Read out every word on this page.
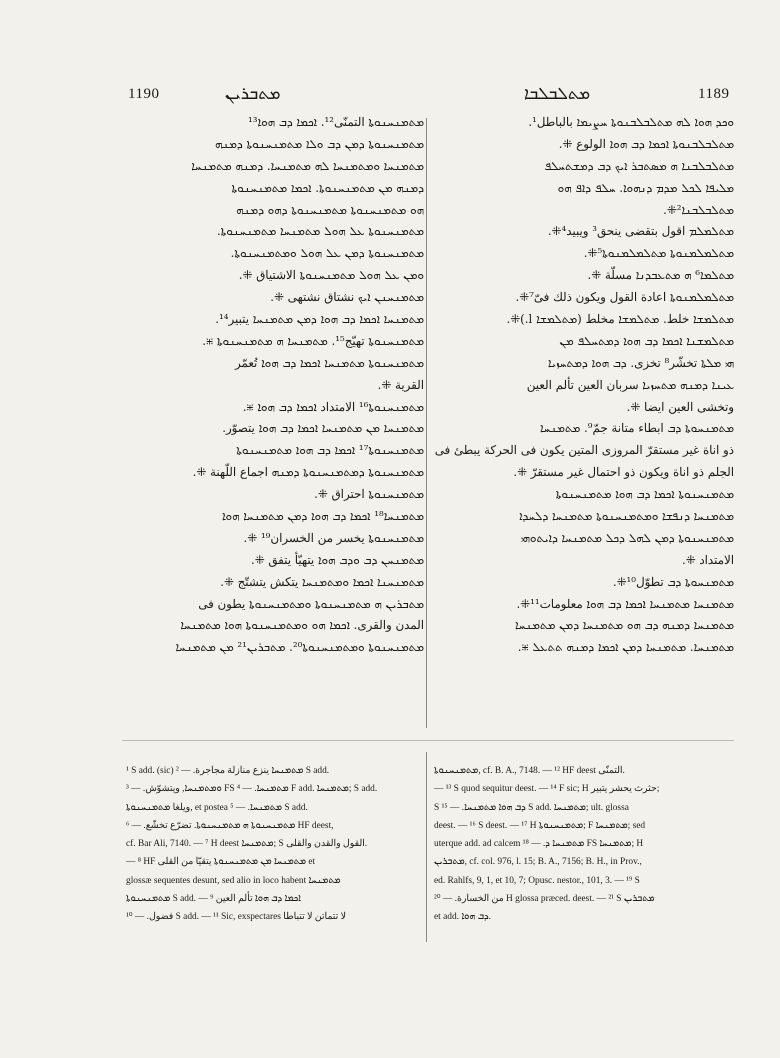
1190	ܡܬܒܪܝܢ	ܡܬܠܒܠܒܐ	1189
ܡܬܡܢܚܢܘܬܐ التمنّى¹². ܐܟܡܐ ܕܒ ܗܘܐ¹³
ܡܬܡܢܚܢܘܬܐ ܕܡܢ ܕܒ ܘܠܐ ܡܬܡܢܚܢܘܬܐ ܕܡܢܗ
ܡܬܡܢܚܐ ܘܡܬܡܢܚܐ ܠܗ ܡܬܡܢܚܐ. ܕܡܢܗ ܡܬܡܢܚܐ
ܕܡܢܗ ܡܢ ܡܬܡܢܚܢܘܬܐ. ܐܟܡܐ ܡܬܡܢܚܢܘܬܐ
ܗܘ ܡܬܡܢܚܢܘܬܐ ܡܬܡܢܚܢܘܬܐ ܕܗܘ ܕܡܢܗ
ܡܬܡܢܚܢܘܬܐ ܥܠ ܗܘܠ ܡܬܡܢܚܐ ܡܬܡܢܚܢܘܬܐ.
ܡܬܡܢܚܢܘܬܐ ܕܡܢ ܥܠ ܗܘܠ ܘܡܬܡܢܚܢܘܬܐ.
ܘܡܢ ܥܠ ܗܘܠ ܡܬܡܢܚܢܘܬܐ الاشتياق ⁜.
ܡܬܡܢܚܢܢ ܐܝܟ نشتاق نشتهى ⁜.
ܡܬܡܢܚܐ ܐܟܡܐ ܕܒ ܗܘܐ ܕܡܢ ܡܬܡܢܚܐ يتبير¹⁴.
ܡܬܡܢܚܢܘܬܐ تهيّج¹⁵. ܡܬܡܢܚܐ ܗ ܡܬܡܢܚܢܘܬܐ ⁜.
ܡܬܡܢܚܢܘܬܐ ܡܬܡܢܚܐ ܐܟܡܐ ܕܒ ܗܘܐ تُعمّر
القرية ⁜.
ܡܬܡܢܚܢܘܬܐ¹⁶ الامتداد ܐܟܡܐ ܕܒ ܗܘܐ ⁜.
ܡܬܡܢܚܐ ܡܢ ܡܬܡܢܚܐ ܐܟܡܐ ܕܒ ܗܘܐ يتصوّر.
ܡܬܡܢܚܢܘܬܐ¹⁷ ܐܟܡܐ ܕܒ ܗܘܐ ܡܬܡܢܚܢܘܬܐ
ܡܬܡܢܚܢܘܬܐ ܕܡܬܡܢܚܢܘܬܐ ܕܡܢܗ اجماع اللّهنة ⁜.
ܡܬܡܢܚܢܘܬܐ احتراق ⁜.
ܡܬܡܢܚܐ¹⁸ ܐܟܡܐ ܕܒ ܗܘܐ ܕܡܢ ܡܬܡܢܚܐ ܗܘܐ
ܡܬܡܢܚܢܘܬܐ يخسر من الخسران¹⁹ ⁜.
ܡܬܡܢܚܢ ܕܒ ܘܕܒ ܗܘܐ يتهيّأ يتفق ⁜.
ܡܬܡܢܚܢܐ ܐܟܡܐ ܘܡܬܡܢܚܐ يتكش يتشتّج ⁜.
ܡܬܒܪܝܢ ܗ ܡܬܡܢܚܢܘܬܐ ܘܡܬܡܢܚܢܘܬܐ يطون فى
المدن والقرى. ܐܟܡܐ ܗܘ ܘܡܬܡܢܚܢܘܬܐ ܗܘܐ ܡܬܡܢܚܐ
ܡܬܡܢܚܢܘܬܐ ܘܡܬܡܢܚܢܘܬܐ²⁰. ܡܬܒܪܝܢ²¹ ܡܢ ܡܬܡܢܚܐ
ܘܟܕ ܗܘܐ ܠܗ ܡܬܠܒܠܒܢܘܬܐ ܚܨܝܡܐ بالباطل¹.
ܡܬܠܒܠܒܢܘܬܐ ܐܟܡܐ ܕܒ ܗܘܐ الولوع ⁜.
ܡܬܠܒܠܒܢܐ ܗ ܡܣܬܒܪ ܐܝܟ ܕܒ ܕܡܫܬܚܠܦ
ܡܠܝܦܐ ܠܟܠ ܡܕܡ ܕܢܗܘܐ. ܚܠܦ ܕܐܦ ܗܘ
ܡܬܠܒܠܒܢܐ²⁜.
ܡܬܠܡܠܡ اقول بتقضى ينحق³ ويبيد⁴⁜.
ܡܬܠܡܠܡܢܘܬܐ ܡܬܠܡܠܡܢܘܬܐ⁵⁜.
ܡܬܠܡܐ⁶ ܗ ܡܬܥܒܕܢܐ مسلّة ⁜.
ܡܬܠܡܠܡܢܘܬܐ اعادة القول ويكون ذلك فىّ⁷⁜.
ܡܬܠܡܫܐ خلط. ܡܬܠܡܫܐ مخلط (ܡܬܠܡܫܐ l.)⁜.
ܡܬܠܡܫܢܐ ܐܟܡܐ ܕܒ ܗܘܐ ܕܡܬܚܠܦ ܡܢ
ܗܝ ܡܠܬܐ تخشّر⁸ تخزى. ܕܒ ܗܘܐ ܕܡܬܚܙܝܐ
ܥܝܢܐ ܕܡܢܗ ܡܬܚܙܝܐ سربان العين تألم العين
وتخشى العين ايضا ⁜.
ܡܬܡܢܚܘܬܐ ܕܒ ابطاء متانة جمّ⁹. ܡܬܡܢܚܐ
ذو اناة غير مستقرّ المروزى المتين يكون فى الحركة يبطئ فى
الجلم ذو اناة ويكون ذو احتمال غير مستقرّ ⁜.
ܡܬܡܢܚܢܘܬܐ ܐܟܡܐ ܕܒ ܗܘܐ ܡܬܡܢܚܢܘܬܐ
ܡܬܡܢܚܐ ܕܢܦܫܐ ܘܡܬܡܢܚܢܘܬܐ ܡܬܡܢܚܐ ܕܠܚܕܐ
ܡܬܡܢܚܢܘܬܐ ܕܡܢ ܠܗܠ ܕܟܠ ܡܬܡܢܚܐ ܕܐܝܬܘܗܝ
الامتداد ⁜.
ܡܬܡܢܚܘܬܐ ܕܒ تطوّل¹⁰⁜.
ܡܬܡܢܚܐ ܡܬܡܢܚܐ ܐܟܡܐ ܕܒ ܗܘܐ معلومات¹¹⁜.
ܡܬܡܢܚܐ ܕܡܢܗ ܕܒ ܗܘ ܡܬܡܢܚܐ ܕܡܢ ܡܬܡܢܚܐ
ܡܬܡܢܚܐ. ܡܬܡܢܚܐ ܕܡܢ ܐܟܡܐ ܕܡܢܗ ܬܬܥܠ ⁜.
¹ S add. (sic) ܡܬܡܢܚܐ ينزع منازلة مجاجرة. — ² S add.
ܘܡܬܡܢܚܐ, ويتشوّش. — ³ FS ܡܬܡܢܚܐ. — ⁴ F add. ܡܬܡܢܚܐ; S add.
ويلغا ܡܬܡܢܚܢܘܬܐ, et postea ܡܬܡܢܚܐ. — ⁵ S add.
ܡܬܡܢܚܢܘܬܐ ܗ ܡܬܡܢܚܢܘܬܐ. تضرّع تخشّع. — ⁶ HF deest,
cf. Bar Ali, 7140. — ⁷ H deest ܡܬܡܢܚܐ; S القول والقدن والقلى.
— ⁸ HF ܡܬܡܢܚܐ ܡܢ ܡܬܡܢܚܢܘܬܐ يتقيّا من القلى et
glossæ sequentes desunt, sed alio in loco habent ܡܬܡܢܚܐ
ܡܬܡܢܚܢܘܬܐ S add. — ⁹ ܐܟܡܐ ܕܒ ܗܘܐ تألم العين
فضول. — ¹⁰ S add. — ¹¹ Sic, exspectares لا تتماتن لا تتباطا
ܡܬܡܢܚܢܘܬܐ, cf. B. A., 7148. — ¹² HF deest التمنّى.
— ¹³ S quod sequitur deest. — ¹⁴ F sic; H حثرث يحشر يتبير;
S ܕܒ ܗܘܐ ܡܬܡܢܚܐ. — ¹⁵ S add. ܡܬܡܢܚܐ; ult. glossa
deest. — ¹⁶ S deest. — ¹⁷ H ܡܬܡܢܚܢܘܬܐ; F ܡܬܡܢܚܐ; sed
uterque add. ad calcem ܡܬܡܢܚܐ ܕ. — ¹⁸ FS ܡܬܡܢܚܐ; H
ܡܬܒܪܝܢ, cf. col. 976, l. 15; B. A., 7156; B. H., in Prov.,
ed. Rahlfs, 9, 1, et 10, 7; Opusc. nestor., 101, 3. — ¹⁹ S
من الخسارة. — ²⁰ H glossa præced. deest. — ²¹ S ܡܬܒܪܝܢ
et add. ܕܒ ܗܘܐ.
